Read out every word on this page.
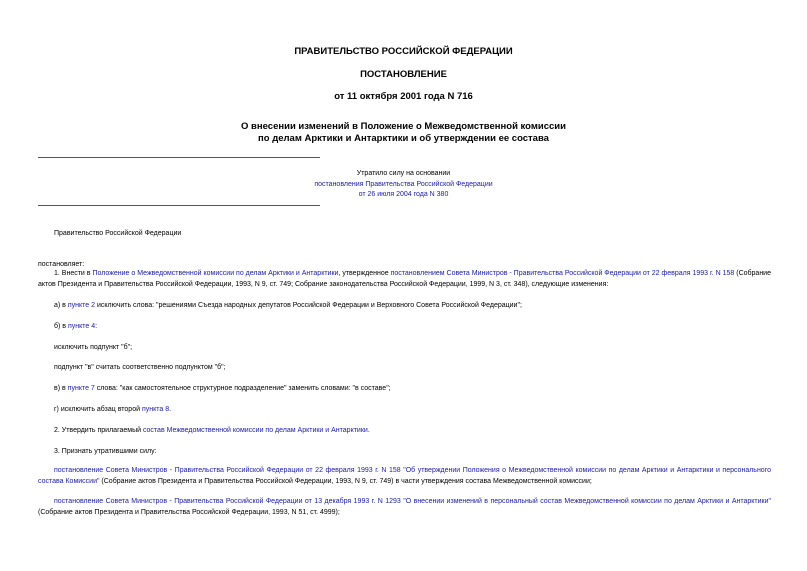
ПРАВИТЕЛЬСТВО РОССИЙСКОЙ ФЕДЕРАЦИИ
ПОСТАНОВЛЕНИЕ
от 11 октября 2001 года N 716
О внесении изменений в Положение о Межведомственной комиссии
по делам Арктики и Антарктики и об утверждении ее состава
Утратило силу на основании
постановления Правительства Российской Федерации
от 26 июля 2004 года N 380
Правительство Российской Федерации
постановляет:
1. Внести в Положение о Межведомственной комиссии по делам Арктики и Антарктики, утвержденное постановлением Совета Министров - Правительства Российской Федерации от 22 февраля 1993 г. N 158 (Собрание актов Президента и Правительства Российской Федерации, 1993, N 9, ст. 749; Собрание законодательства Российской Федерации, 1999, N 3, ст. 348), следующие изменения:
а) в пункте 2 исключить слова: "решениями Съезда народных депутатов Российской Федерации и Верховного Совета Российской Федерации";
б) в пункте 4:
исключить подпункт "б";
подпункт "в" считать соответственно подпунктом "б";
в) в пункте 7 слова: "как самостоятельное структурное подразделение" заменить словами: "в составе";
г) исключить абзац второй пункта 8.
2. Утвердить прилагаемый состав Межведомственной комиссии по делам Арктики и Антарктики.
3. Признать утратившими силу:
постановление Совета Министров - Правительства Российской Федерации от 22 февраля 1993 г. N 158 "Об утверждении Положения о Межведомственной комиссии по делам Арктики и Антарктики и персонального состава Комиссии" (Собрание актов Президента и Правительства Российской Федерации, 1993, N 9, ст. 749) в части утверждения состава Межведомственной комиссии;
постановление Совета Министров - Правительства Российской Федерации от 13 декабря 1993 г. N 1293 "О внесении изменений в персональный состав Межведомственной комиссии по делам Арктики и Антарктики" (Собрание актов Президента и Правительства Российской Федерации, 1993, N 51, ст. 4999);
